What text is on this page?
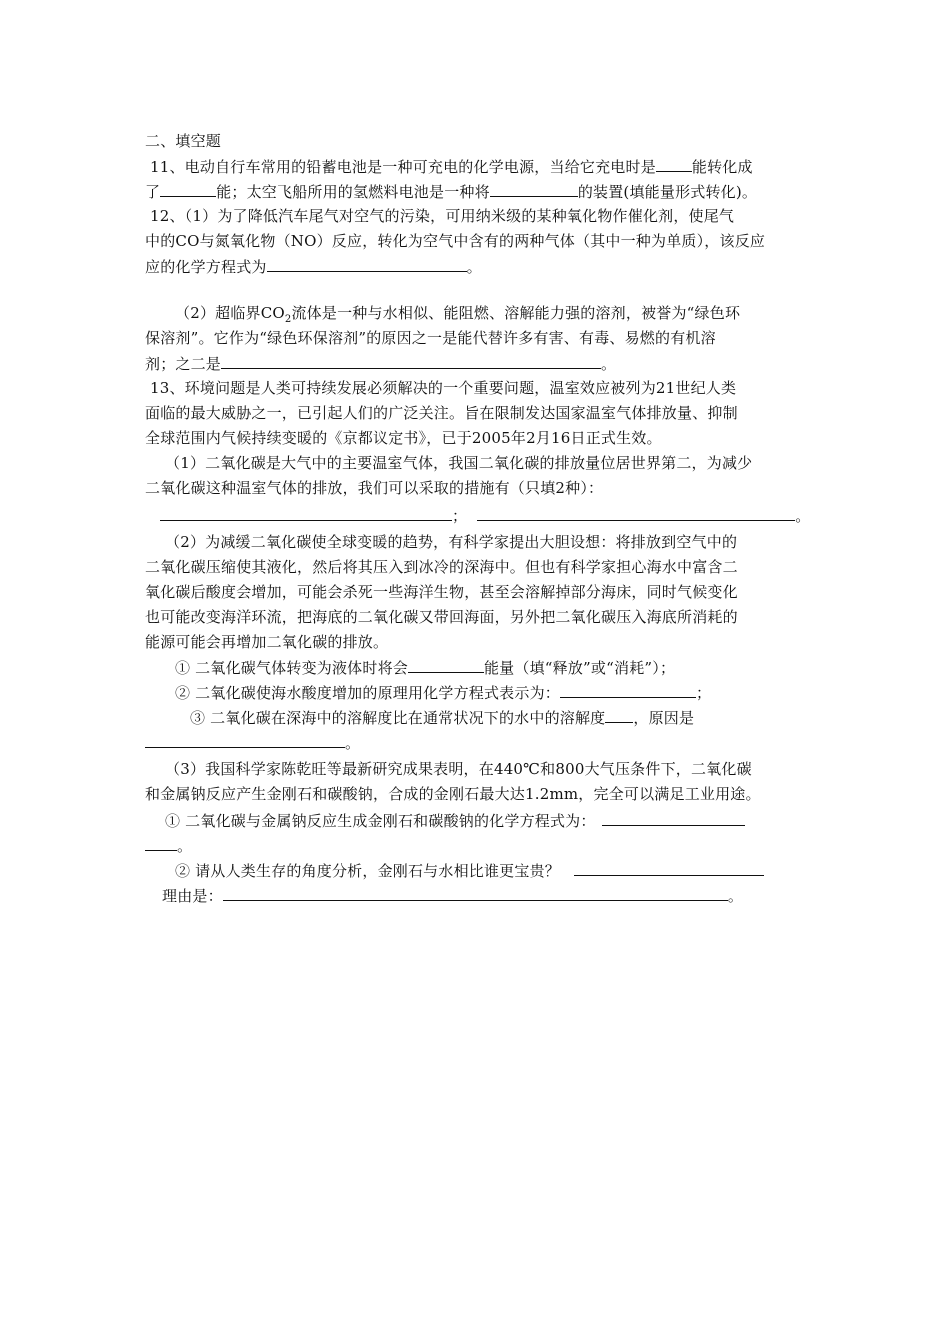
二、填空题
11、电动自行车常用的铅蓄电池是一种可充电的化学电源，当给它充电时是 能转化成
了	能；太空飞船所用的氢燃料电池是一种将	的装置(填能量形式转化)。
12、（1）为了降低汽车尾气对空气的污染，可用纳米级的某种氧化物作催化剂，使尾气
中的CO与氮氧化物（NO）反应，转化为空气中含有的两种气体（其中一种为单质），该反应
应的化学方程式为	。
（2）超临界$CO_2$流体是一种与水相似、能阻燃、溶解能力强的溶剂，被誉为“绿色环
保溶剂”。它作为“绿色环保溶剂”的原因之一是能代替许多有害、有毒、易燃的有机溶
剂；之二是	。
13、环境问题是人类可持续发展必须解决的一个重要问题，温室效应被列为21世纪人类
面临的最大威胁之一，已引起人们的广泛关注。旨在限制发达国家温室气体排放量、抑制
全球范围内气候持续变暖的《京都议定书》，已于2005年2月16日正式生效。
（1）二氧化碳是大气中的主要温室气体，我国二氧化碳的排放量位居世界第二，为减少
二氧化碳这种温室气体的排放，我们可以采取的措施有（只填2种）：
；	。
（2）为减缓二氧化碳使全球变暖的趋势，有科学家提出大胆设想：将排放到空气中的
二氧化碳压缩使其液化，然后将其压入到冰冷的深海中。但也有科学家担心海水中富含二
氧化碳后酸度会增加，可能会杀死一些海洋生物，甚至会溶解掉部分海床，同时气候变化
也可能改变海洋环流，把海底的二氧化碳又带回海面，另外把二氧化碳压入海底所消耗的
能源可能会再增加二氧化碳的排放。
① 二氧化碳气体转变为液体时将会	能量（填“释放”或“消耗”）；
② 二氧化碳使海水酸度增加的原理用化学方程式表示为：	；
③ 二氧化碳在深海中的溶解度比在通常状况下的水中的溶解度 ，原因是
。
（3）我国科学家陈乾旺等最新研究成果表明，在440℃和800大气压条件下，二氧化碳
和金属钠反应产生金刚石和碳酸钠，合成的金刚石最大达1.2mm，完全可以满足工业用途。
① 二氧化碳与金属钠反应生成金刚石和碳酸钠的化学方程式为：
。
② 请从人类生存的角度分析，金刚石与水相比谁更宝贵？
理由是：	。
